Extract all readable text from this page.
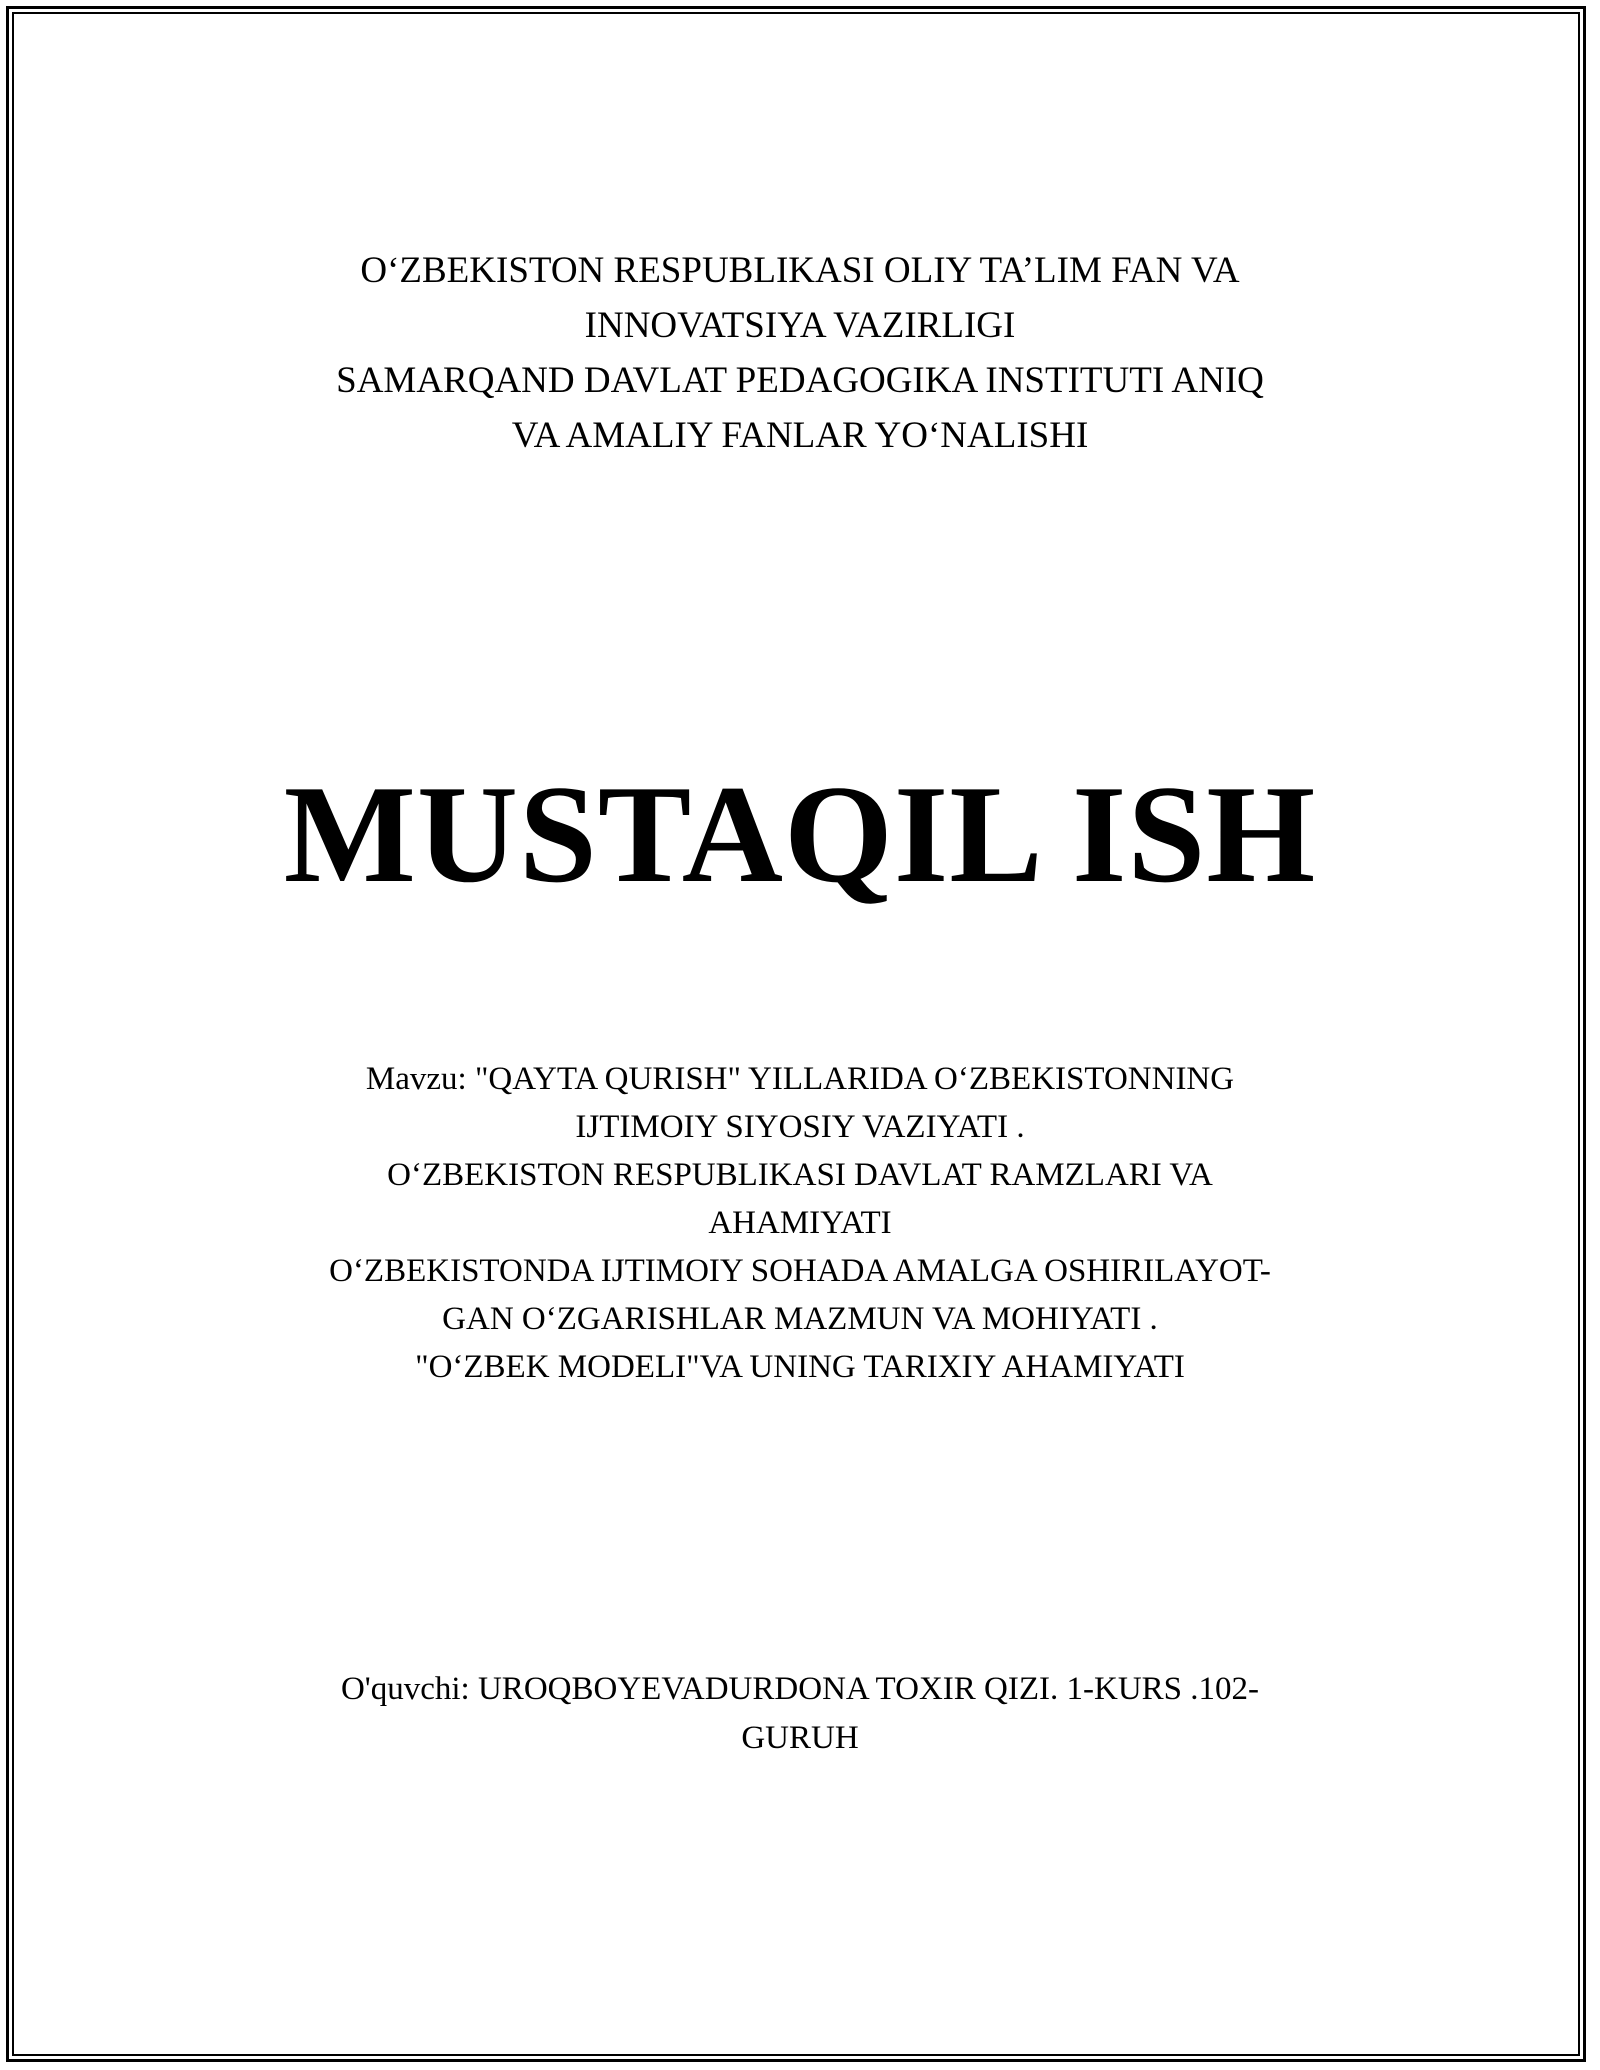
O‘ZBEKISTON RESPUBLIKASI OLIY TA’LIM FAN VA
INNOVATSIYA VAZIRLIGI
SAMARQAND DAVLAT PEDAGOGIKA INSTITUTI ANIQ
VA AMALIY FANLAR YO‘NALISHI
MUSTAQIL ISH
Mavzu: "QAYTA QURISH" YILLARIDA O‘ZBEKISTONNING
IJTIMOIY SIYOSIY VAZIYATI .
O‘ZBEKISTON RESPUBLIKASI DAVLAT RAMZLARI VA
AHAMIYATI
O‘ZBEKISTONDA IJTIMOIY SOHADA AMALGA OSHIRILAYOT-
GAN O‘ZGARISHLAR MAZMUN VA MOHIYATI .
"O‘ZBEK MODELI"VA UNING TARIXIY AHAMIYATI
O'quvchi: UROQBOYEVADURDONA TOXIR QIZI. 1-KURS .102-
GURUH
